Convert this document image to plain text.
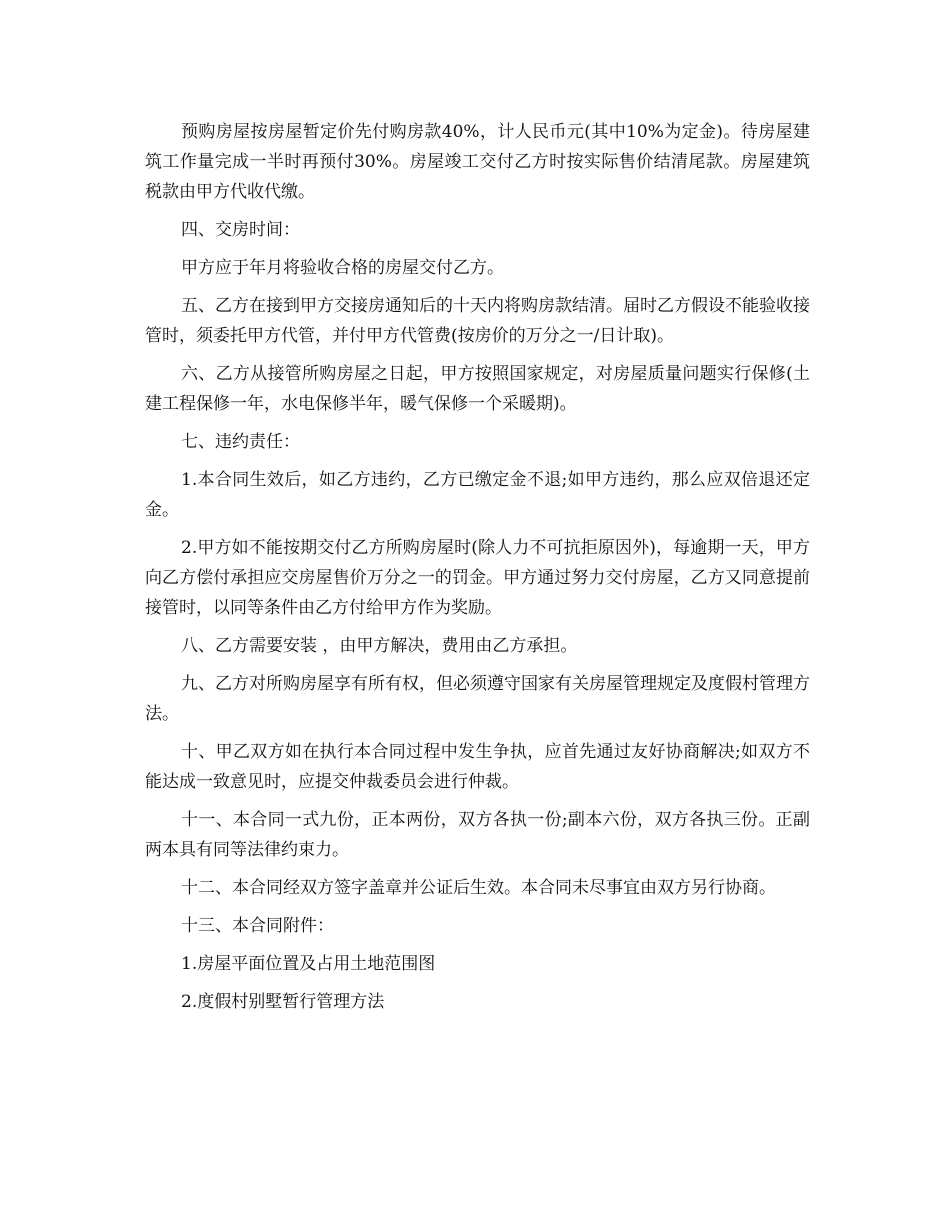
预购房屋按房屋暂定价先付购房款40%，计人民币元(其中10%为定金)。待房屋建筑工作量完成一半时再预付30%。房屋竣工交付乙方时按实际售价结清尾款。房屋建筑税款由甲方代收代缴。

四、交房时间：

甲方应于年月将验收合格的房屋交付乙方。

五、乙方在接到甲方交接房通知后的十天内将购房款结清。届时乙方假设不能验收接管时，须委托甲方代管，并付甲方代管费(按房价的万分之一/日计取)。

六、乙方从接管所购房屋之日起，甲方按照国家规定，对房屋质量问题实行保修(土建工程保修一年，水电保修半年，暖气保修一个采暖期)。

七、违约责任：

1.本合同生效后，如乙方违约，乙方已缴定金不退;如甲方违约，那么应双倍退还定金。

2.甲方如不能按期交付乙方所购房屋时(除人力不可抗拒原因外)，每逾期一天，甲方向乙方偿付承担应交房屋售价万分之一的罚金。甲方通过努力交付房屋，乙方又同意提前接管时，以同等条件由乙方付给甲方作为奖励。

八、乙方需要安装 ，由甲方解决，费用由乙方承担。

九、乙方对所购房屋享有所有权，但必须遵守国家有关房屋管理规定及度假村管理方法。

十、甲乙双方如在执行本合同过程中发生争执，应首先通过友好协商解决;如双方不能达成一致意见时，应提交仲裁委员会进行仲裁。

十一、本合同一式九份，正本两份，双方各执一份;副本六份，双方各执三份。正副两本具有同等法律约束力。

十二、本合同经双方签字盖章并公证后生效。本合同未尽事宜由双方另行协商。

十三、本合同附件：

1.房屋平面位置及占用土地范围图

2.度假村别墅暂行管理方法
